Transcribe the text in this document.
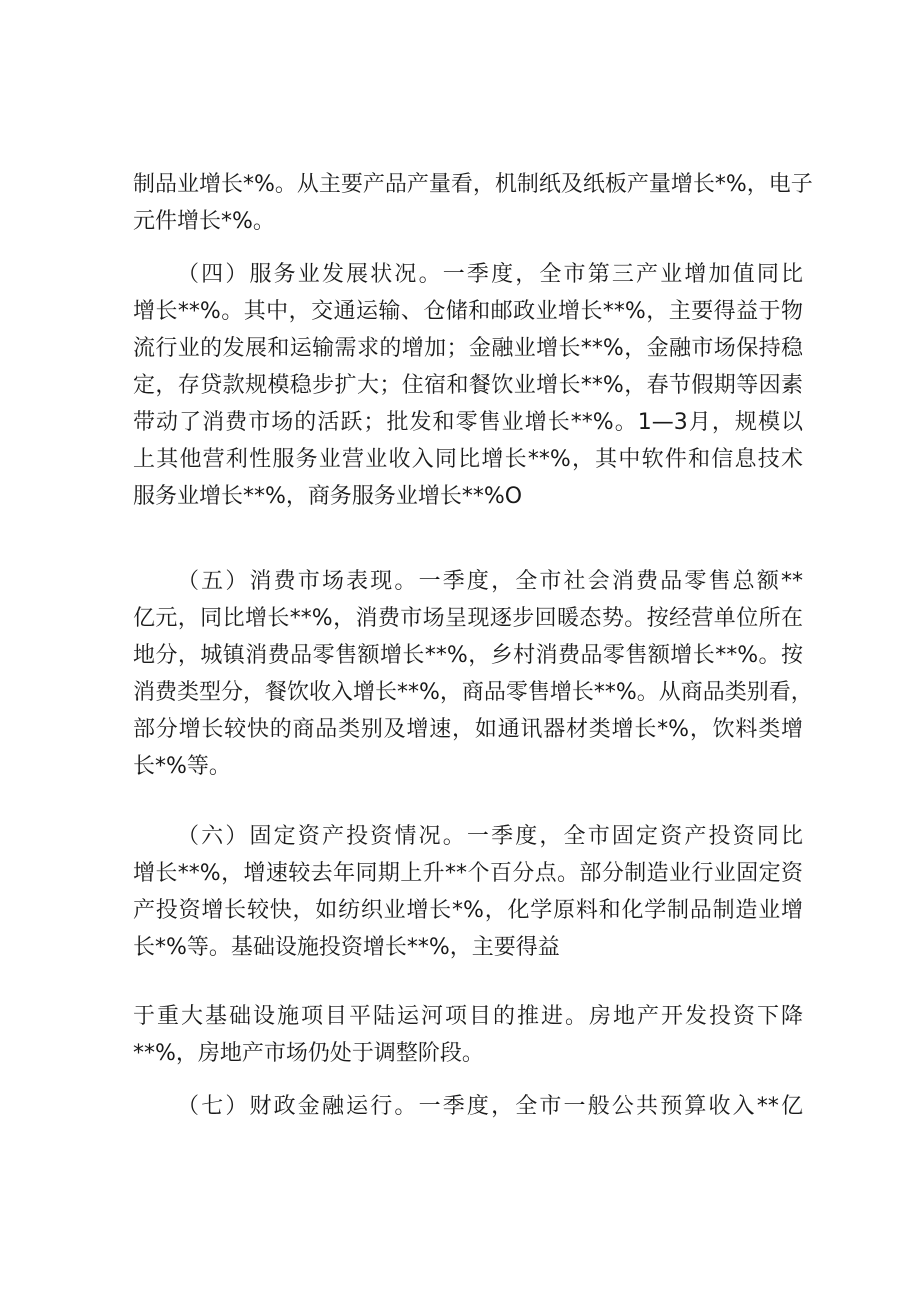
制品业增长*%。从主要产品产量看，机制纸及纸板产量增长*%，电子
元件增长*%。
（四）服务业发展状况。一季度，全市第三产业增加值同比
增长**%。其中，交通运输、仓储和邮政业增长**%，主要得益于物
流行业的发展和运输需求的增加；金融业增长**%，金融市场保持稳
定，存贷款规模稳步扩大；住宿和餐饮业增长**%，春节假期等因素
带动了消费市场的活跃；批发和零售业增长**%。1—3月，规模以
上其他营利性服务业营业收入同比增长**%，其中软件和信息技术
服务业增长**%，商务服务业增长**%O
（五）消费市场表现。一季度，全市社会消费品零售总额**
亿元，同比增长**%，消费市场呈现逐步回暖态势。按经营单位所在
地分，城镇消费品零售额增长**%，乡村消费品零售额增长**%。按
消费类型分，餐饮收入增长**%，商品零售增长**%。从商品类别看，
部分增长较快的商品类别及增速，如通讯器材类增长*%，饮料类增
长*%等。
（六）固定资产投资情况。一季度，全市固定资产投资同比
增长**%，增速较去年同期上升**个百分点。部分制造业行业固定资
产投资增长较快，如纺织业增长*%，化学原料和化学制品制造业增
长*%等。基础设施投资增长**%，主要得益
于重大基础设施项目平陆运河项目的推进。房地产开发投资下降
**%，房地产市场仍处于调整阶段。
（七）财政金融运行。一季度，全市一般公共预算收入**亿
